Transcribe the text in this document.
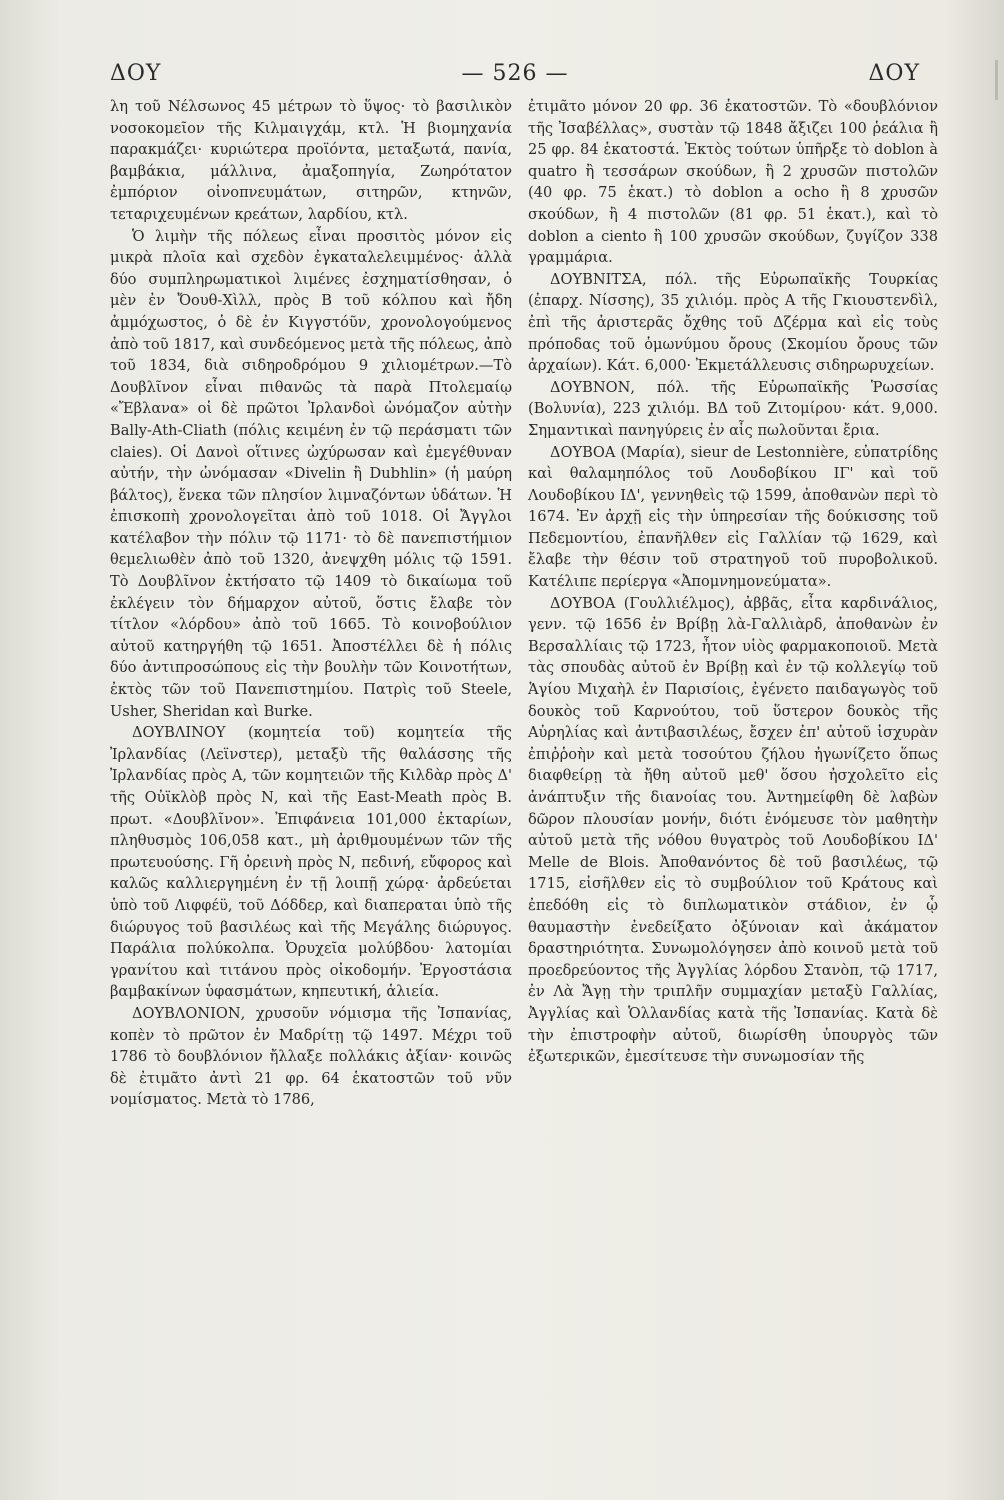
ΔΟΥ	— 526 —	ΔΟΥ

λη τοῦ Νέλσωνος 45 μέτρων τὸ ὕψος· τὸ βασιλικὸν νοσοκομεῖον τῆς Κιλμαιγχάμ, κτλ. Ἡ βιομηχανία παρακμάζει· κυριώτερα προϊόντα, μεταξωτά, πανία, βαμβάκια, μάλλινα, ἀμαξοπηγία, Ζωηρότατον ἐμπόριον οἰνοπνευμάτων, σιτηρῶν, κτηνῶν, τεταριχευμένων κρεάτων, λαρδίου, κτλ.

Ὁ λιμὴν τῆς πόλεως εἶναι προσιτὸς μόνον εἰς μικρὰ πλοῖα καὶ σχεδὸν ἐγκαταλελειμμένος· ἀλλὰ δύο συμπληρωματικοὶ λιμένες ἐσχηματίσθησαν, ὁ μὲν ἐν Ὄουθ-Χὶλλ, πρὸς Β τοῦ κόλπου καὶ ἤδη ἀμμόχωστος, ὁ δὲ ἐν Κιγγστόῦν, χρονολογούμενος ἀπὸ τοῦ 1817, καὶ συνδεόμενος μετὰ τῆς πόλεως, ἀπὸ τοῦ 1834, διὰ σιδηροδρόμου 9 χιλιομέτρων.—Τὸ Δουβλῖνον εἶναι πιθανῶς τὰ παρὰ Πτολεμαίῳ «Ἔβλανα» οἱ δὲ πρῶτοι Ἰρλανδοὶ ὠνόμαζον αὐτὴν Bally-Ath-Cliath (πόλις κειμένη ἐν τῷ περάσματι τῶν claies). Οἱ Δανοὶ οἵτινες ὠχύρωσαν καὶ ἐμεγέθυναν αὐτήν, τὴν ὠνόμασαν «Divelin ἢ Dubhlin» (ἡ μαύρη βάλτος), ἕνεκα τῶν πλησίον λιμναζόντων ὑδάτων. Ἡ ἐπισκοπὴ χρονολογεῖται ἀπὸ τοῦ 1018. Οἱ Ἄγγλοι κατέλαβον τὴν πόλιν τῷ 1171· τὸ δὲ πανεπιστήμιον θεμελιωθὲν ἀπὸ τοῦ 1320, ἀνεψχθη μόλις τῷ 1591. Τὸ Δουβλῖνον ἐκτήσατο τῷ 1409 τὸ δικαίωμα τοῦ ἐκλέγειν τὸν δήμαρχον αὐτοῦ, ὅστις ἔλαβε τὸν τίτλον «λόρδου» ἀπὸ τοῦ 1665. Τὸ κοινοβούλιον αὐτοῦ κατηργήθη τῷ 1651. Ἀποστέλλει δὲ ἡ πόλις δύο ἀντιπροσώπους εἰς τὴν βουλὴν τῶν Κοινοτήτων, ἐκτὸς τῶν τοῦ Πανεπιστημίου. Πατρὶς τοῦ Steele, Usher, Sheridan καὶ Burke.

ΔΟΥΒΛΙΝΟΥ (κομητεία τοῦ) κομητεία τῆς Ἰρλανδίας (Λεϊνστερ), μεταξὺ τῆς θαλάσσης τῆς Ἰρλανδίας πρὸς Α, τῶν κομητειῶν τῆς Κιλδὰρ πρὸς Δ' τῆς Οὐϊκλὸβ πρὸς Ν, καὶ τῆς East-Meath πρὸς Β. πρωτ. «Δουβλῖνον». Ἐπιφάνεια 101,000 ἑκταρίων, πληθυσμὸς 106,058 κατ., μὴ ἀριθμουμένων τῶν τῆς πρωτευούσης. Γῆ ὀρεινὴ πρὸς Ν, πεδινή, εὔφορος καὶ καλῶς καλλιεργημένη ἐν τῇ λοιπῇ χώρᾳ· ἀρδεύεται ὑπὸ τοῦ Λιφφέϋ, τοῦ Δόδδερ, καὶ διαπεραται ὑπὸ τῆς διώρυγος τοῦ βασιλέως καὶ τῆς Μεγάλης διώρυγος. Παράλια πολύκολπα. Ὀρυχεῖα μολύβδου· λατομίαι γρανίτου καὶ τιτάνου πρὸς οἰκοδομήν. Ἐργοστάσια βαμβακίνων ὑφασμάτων, κηπευτική, ἁλιεία.

ΔΟΥΒΛΟΝΙΟΝ, χρυσοῦν νόμισμα τῆς Ἰσπανίας, κοπὲν τὸ πρῶτον ἐν Μαδρίτῃ τῷ 1497. Μέχρι τοῦ 1786 τὸ δουβλόνιον ἤλλαξε πολλάκις ἀξίαν· κοινῶς δὲ ἐτιμᾶτο ἀντὶ 21 φρ. 64 ἑκατοστῶν τοῦ νῦν νομίσματος. Μετὰ τὸ 1786,

ἐτιμᾶτο μόνον 20 φρ. 36 ἑκατοστῶν. Τὸ «δουβλόνιον τῆς Ἰσαβέλλας», συστὰν τῷ 1848 ἄξιζει 100 ῥεάλια ἢ 25 φρ. 84 ἑκατοστά. Ἐκτὸς τούτων ὑπῆρξε τὸ doblon à quatro ἢ τεσσάρων σκούδων, ἢ 2 χρυσῶν πιστολῶν (40 φρ. 75 ἑκατ.) τὸ doblon a ocho ἢ 8 χρυσῶν σκούδων, ἢ 4 πιστολῶν (81 φρ. 51 ἑκατ.), καὶ τὸ doblon a ciento ἢ 100 χρυσῶν σκούδων, ζυγίζον 338 γραμμάρια.

ΔΟΥΒΝΙΤΣΑ, πόλ. τῆς Εὐρωπαϊκῆς Τουρκίας (ἐπαρχ. Νίσσης), 35 χιλιόμ. πρὸς Α τῆς Γκιουστενδὶλ, ἐπὶ τῆς ἀριστερᾶς ὄχθης τοῦ Δζέρμα καὶ εἰς τοὺς πρόποδας τοῦ ὁμωνύμου ὄρους (Σκομίου ὄρους τῶν ἀρχαίων). Κάτ. 6,000· Ἐκμετάλλευσις σιδηρωρυχείων.

ΔΟΥΒΝΟΝ, πόλ. τῆς Εὐρωπαϊκῆς Ῥωσσίας (Βολυνία), 223 χιλιόμ. ΒΔ τοῦ Ζιτομίρου· κάτ. 9,000. Σημαντικαὶ πανηγύρεις ἐν αἷς πωλοῦνται ἔρια.

ΔΟΥΒΟΑ (Μαρία), sieur de Lestonnière, εὐπατρίδης καὶ θαλαμηπόλος τοῦ Λουδοβίκου ΙΓ' καὶ τοῦ Λουδοβίκου ΙΔ', γεννηθεὶς τῷ 1599, ἀποθανὼν περὶ τὸ 1674. Ἐν ἀρχῇ εἰς τὴν ὑπηρεσίαν τῆς δούκισσης τοῦ Πεδεμοντίου, ἐπανῆλθεν εἰς Γαλλίαν τῷ 1629, καὶ ἔλαβε τὴν θέσιν τοῦ στρατηγοῦ τοῦ πυροβολικοῦ. Κατέλιπε περίεργα «Ἀπομνημονεύματα».

ΔΟΥΒΟΑ (Γουλλιέλμος), ἀββᾶς, εἶτα καρδινάλιος, γενν. τῷ 1656 ἐν Βρίβῃ λὰ-Γαλλιὰρδ, ἀποθανὼν ἐν Βερσαλλίαις τῷ 1723, ἦτον υἱὸς φαρμακοποιοῦ. Μετὰ τὰς σπουδὰς αὐτοῦ ἐν Βρίβῃ καὶ ἐν τῷ κολλεγίῳ τοῦ Ἁγίου Μιχαὴλ ἐν Παρισίοις, ἐγένετο παιδαγωγὸς τοῦ δουκὸς τοῦ Καρνούτου, τοῦ ὕστερον δουκὸς τῆς Αὐρηλίας καὶ ἀντιβασιλέως, ἔσχεν ἐπ' αὐτοῦ ἰσχυρὰν ἐπιῤῥοὴν καὶ μετὰ τοσούτου ζήλου ἠγωνίζετο ὅπως διαφθείρῃ τὰ ἤθη αὐτοῦ μεθ' ὅσου ἠσχολεῖτο εἰς ἀνάπτυξιν τῆς διανοίας του. Ἀντημείφθη δὲ λαβὼν δῶρον πλουσίαν μονήν, διότι ἐνόμευσε τὸν μαθητὴν αὐτοῦ μετὰ τῆς νόθου θυγατρὸς τοῦ Λουδοβίκου ΙΔ' Melle de Blois. Ἀποθανόντος δὲ τοῦ βασιλέως, τῷ 1715, εἰσῆλθεν εἰς τὸ συμβούλιον τοῦ Κράτους καὶ ἐπεδόθη εἰς τὸ διπλωματικὸν στάδιον, ἐν ᾧ θαυμαστὴν ἐνεδείξατο ὀξύνοιαν καὶ ἀκάματον δραστηριότητα. Συνωμολόγησεν ἀπὸ κοινοῦ μετὰ τοῦ προεδρεύοντος τῆς Ἀγγλίας λόρδου Στανὸπ, τῷ 1717, ἐν Λὰ Ἄγῃ τὴν τριπλῆν συμμαχίαν μεταξὺ Γαλλίας, Ἀγγλίας καὶ Ὁλλανδίας κατὰ τῆς Ἰσπανίας. Κατὰ δὲ τὴν ἐπιστροφὴν αὐτοῦ, διωρίσθη ὑπουργὸς τῶν ἐξωτερικῶν, ἐμεσίτευσε τὴν συνωμοσίαν τῆς
